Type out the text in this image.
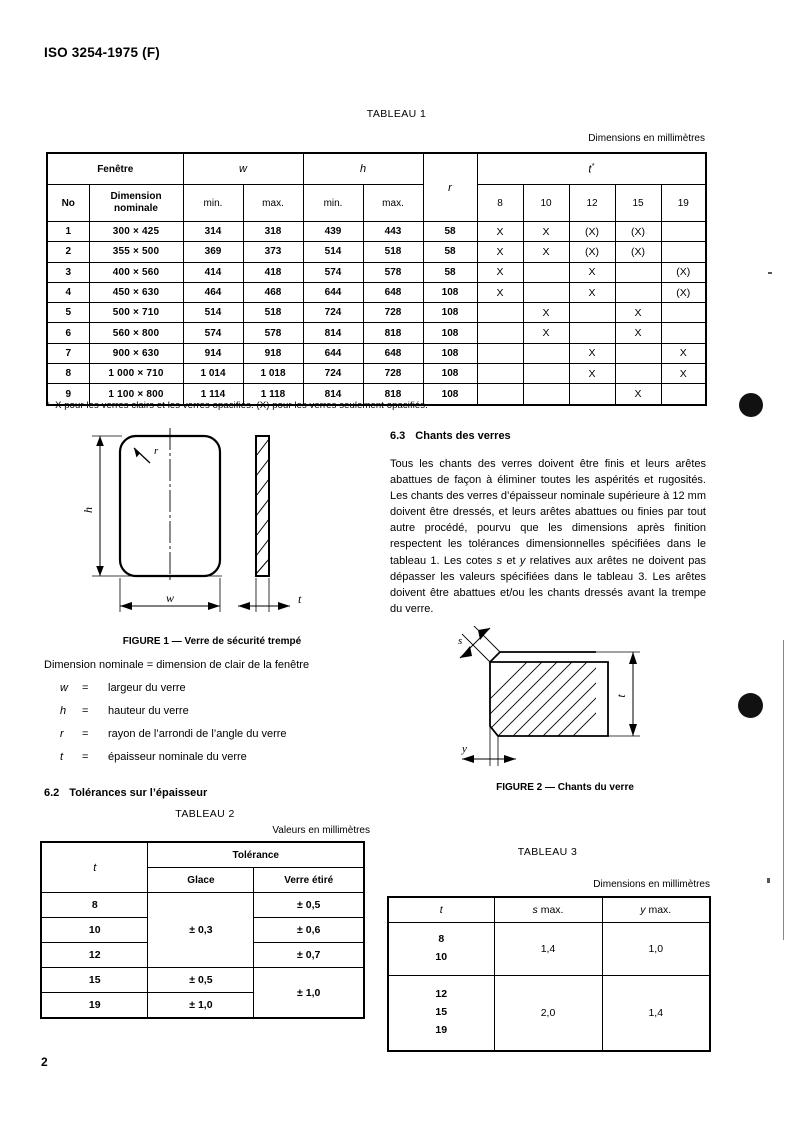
ISO 3254-1975 (F)
TABLEAU 1
Dimensions en millimètres
Fenêtre		w		h		r	t*
No	Dimension
nominale	min.	max.	min.	max.		8	10	12	15	19
1	300 × 425	314	318	439	443	58	X	X	(X)	(X)	
2	355 × 500	369	373	514	518	58	X	X	(X)	(X)	
3	400 × 560	414	418	574	578	58	X		X		(X)
4	450 × 630	464	468	644	648	108	X		X		(X)
5	500 × 710	514	518	724	728	108		X		X	
6	560 × 800	574	578	814	818	108		X		X	
7	900 × 630	914	918	644	648	108			X		X
8	1 000 × 710	1 014	1 018	724	728	108			X		X
9	1 100 × 800	1 114	1 118	814	818	108				X	
* X pour les verres clairs et les verres opacifiés. (X) pour les verres seulement opacifiés.
h
r
w	t
FIGURE 1 — Verre de sécurité trempé
Dimension nominale = dimension de clair de la fenêtre
w = largeur du verre
h = hauteur du verre
r = rayon de l’arrondi de l’angle du verre
t = épaisseur nominale du verre
6.2 Tolérances sur l’épaisseur
TABLEAU 2
Valeurs en millimètres
t	Tolérance	
	Glace	Verre étiré
8	± 0,3	± 0,5
10		± 0,6
12		± 0,7
15	± 0,5	± 1,0
19	± 1,0	
6.3 Chants des verres
Tous les chants des verres doivent être finis et leurs arêtes abattues de façon à éliminer toutes les aspérités et rugosités. Les chants des verres d’épaisseur nominale supérieure à 12 mm doivent être dressés, et leurs arêtes abattues ou finies par tout autre procédé, pourvu que les dimensions après finition respectent les tolérances dimensionnelles spécifiées dans le tableau 1. Les cotes s et y relatives aux arêtes ne doivent pas dépasser les valeurs spécifiées dans le tableau 3. Les arêtes doivent être abattues et/ou les chants dressés avant la trempe du verre.
s
t
y
FIGURE 2 — Chants du verre
TABLEAU 3
Dimensions en millimètres
t	s max.	y max.
8
10	1,4	1,0
12
15
19	2,0	1,4
2
